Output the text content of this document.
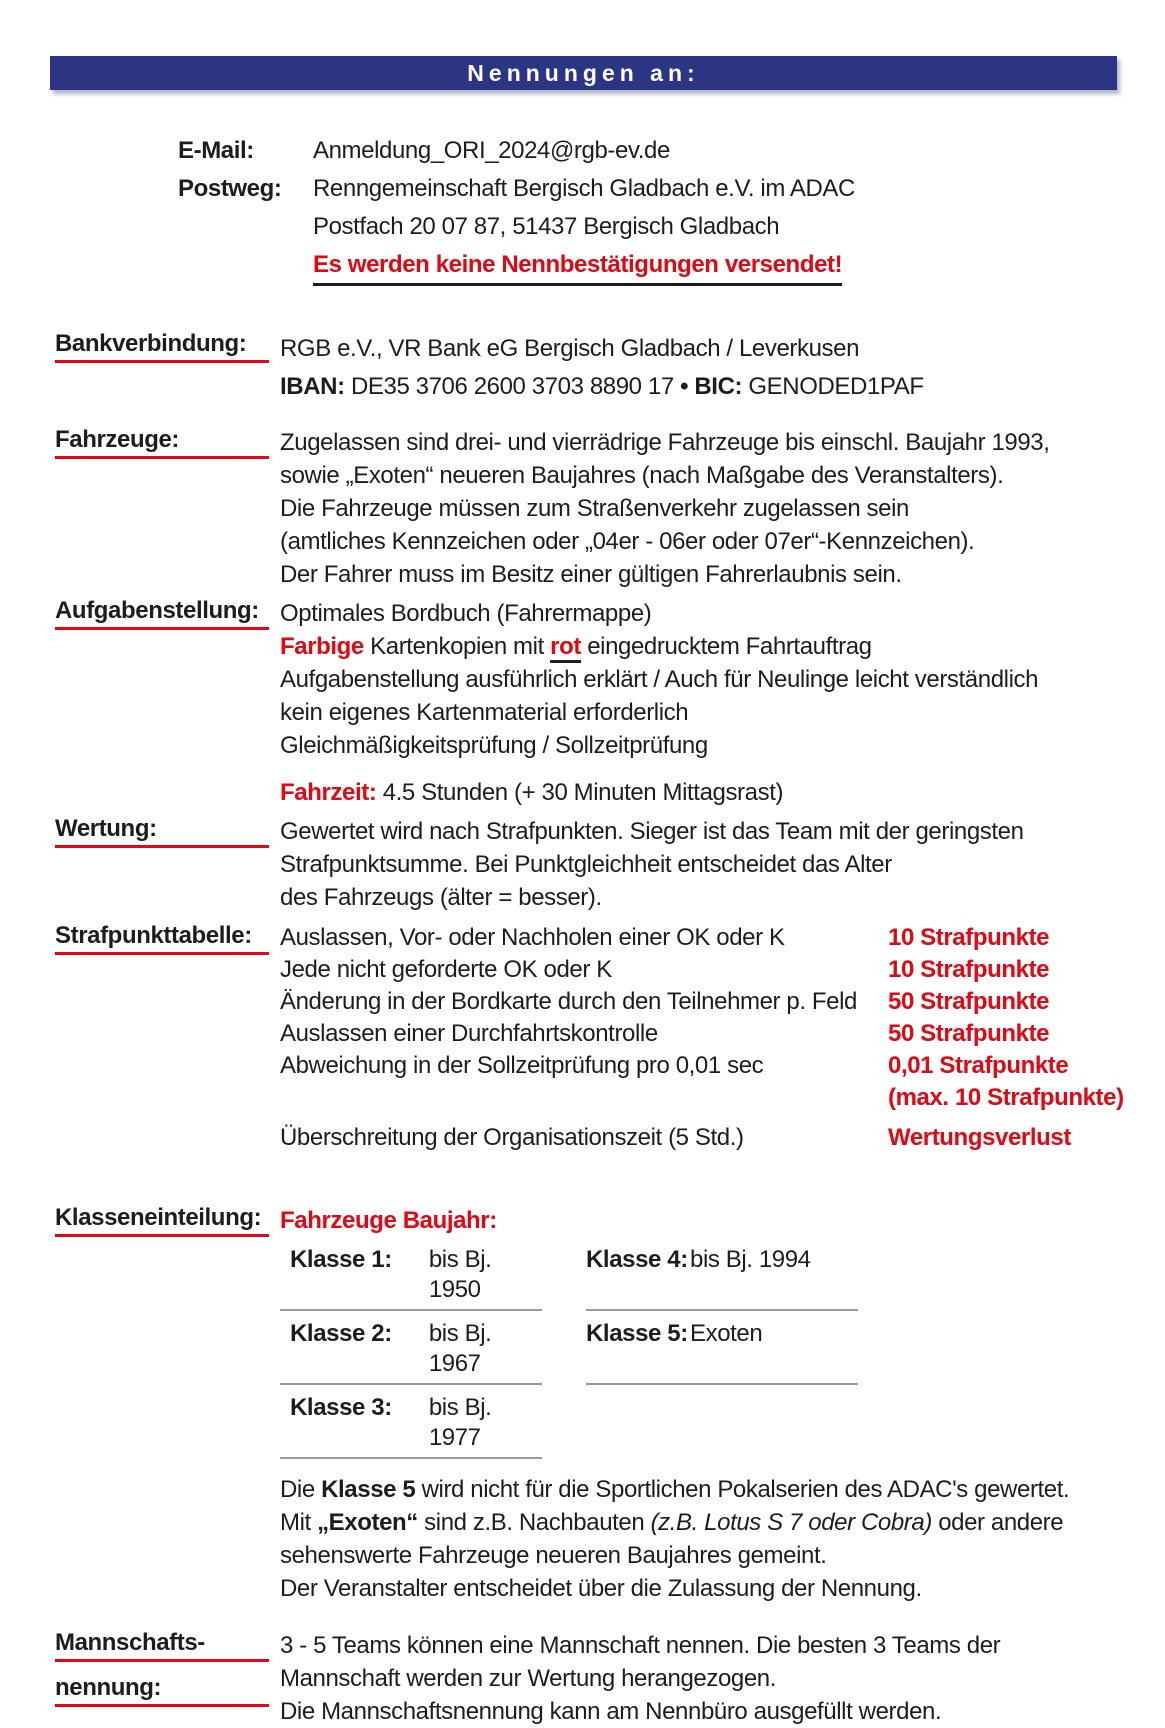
Nennungen an:
E-Mail:	Anmeldung_ORI_2024@rgb-ev.de
Postweg:	Renngemeinschaft Bergisch Gladbach e.V. im ADAC
Postfach 20 07 87, 51437 Bergisch Gladbach
Es werden keine Nennbestätigungen versendet!
Bankverbindung:	RGB e.V., VR Bank eG Bergisch Gladbach / Leverkusen
IBAN: DE35 3706 2600 3703 8890 17 • BIC: GENODED1PAF
Fahrzeuge:	Zugelassen sind drei- und vierrädrige Fahrzeuge bis einschl. Baujahr 1993,
sowie „Exoten“ neueren Baujahres (nach Maßgabe des Veranstalters).
Die Fahrzeuge müssen zum Straßenverkehr zugelassen sein
(amtliches Kennzeichen oder „04er - 06er oder 07er“-Kennzeichen).
Der Fahrer muss im Besitz einer gültigen Fahrerlaubnis sein.
Aufgabenstellung: Optimales Bordbuch (Fahrermappe)
Farbige Kartenkopien mit rot eingedrucktem Fahrtauftrag
Aufgabenstellung ausführlich erklärt / Auch für Neulinge leicht verständlich
kein eigenes Kartenmaterial erforderlich
Gleichmäßigkeitsprüfung / Sollzeitprüfung
Fahrzeit: 4.5 Stunden (+ 30 Minuten Mittagsrast)
Wertung:	Gewertet wird nach Strafpunkten. Sieger ist das Team mit der geringsten
Strafpunktsumme. Bei Punktgleichheit entscheidet das Alter
des Fahrzeugs (älter = besser).
Strafpunkttabelle:	Auslassen, Vor- oder Nachholen einer OK oder K	10 Strafpunkte
Jede nicht geforderte OK oder K	10 Strafpunkte
Änderung in der Bordkarte durch den Teilnehmer p. Feld	50 Strafpunkte
Auslassen einer Durchfahrtskontrolle	50 Strafpunkte
Abweichung in der Sollzeitprüfung pro 0,01 sec	0,01 Strafpunkte
(max. 10 Strafpunkte)
Überschreitung der Organisationszeit (5 Std.)	Wertungsverlust
Klasseneinteilung: Fahrzeuge Baujahr:
Klasse 1:	bis Bj. 1950
Klasse 4: bis Bj. 1994
Klasse 2:	bis Bj. 1967
Klasse 5: Exoten
Klasse 3:	bis Bj. 1977
Die Klasse 5 wird nicht für die Sportlichen Pokalserien des ADAC's gewertet.
Mit „Exoten“ sind z.B. Nachbauten (z.B. Lotus S 7 oder Cobra) oder andere
sehenswerte Fahrzeuge neueren Baujahres gemeint.
Der Veranstalter entscheidet über die Zulassung der Nennung.
Mannschafts-
nennung:
3 - 5 Teams können eine Mannschaft nennen. Die besten 3 Teams der
Mannschaft werden zur Wertung herangezogen.
Die Mannschaftsnennung kann am Nennbüro ausgefüllt werden.
